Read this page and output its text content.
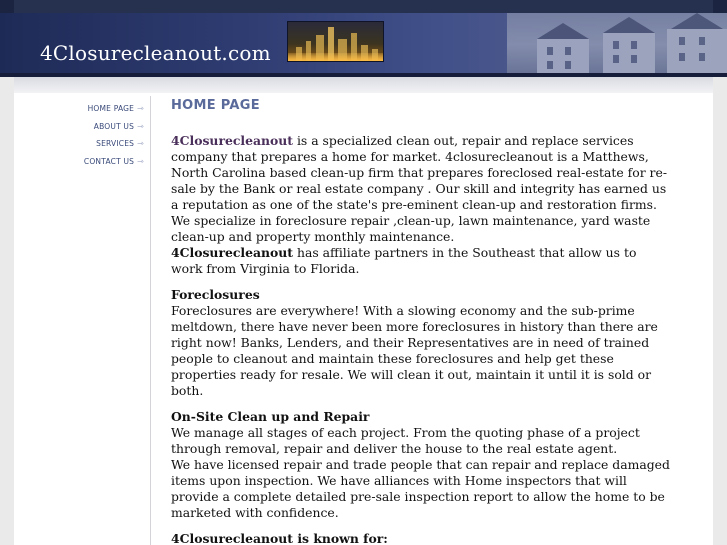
4Closurecleanout.com
HOME PAGE ⇾
ABOUT US ⇾
SERVICES ⇾
CONTACT US ⇾
HOME PAGE

4Closurecleanout is a specialized clean out, repair and replace services company that prepares a home for market. 4closurecleanout is a Matthews, North Carolina based clean-up firm that prepares foreclosed real-estate for re-sale by the Bank or real estate company . Our skill and integrity has earned us a reputation as one of the state's pre-eminent clean-up and restoration firms. We specialize in foreclosure repair ,clean-up, lawn maintenance, yard waste clean-up and property monthly maintenance.
4Closurecleanout has affiliate partners in the Southeast that allow us to work from Virginia to Florida.

Foreclosures
Foreclosures are everywhere! With a slowing economy and the sub-prime meltdown, there have never been more foreclosures in history than there are right now! Banks, Lenders, and their Representatives are in need of trained people to cleanout and maintain these foreclosures and help get these properties ready for resale. We will clean it out, maintain it until it is sold or both.

On-Site Clean up and Repair
We manage all stages of each project. From the quoting phase of a project through removal, repair and deliver the house to the real estate agent.
We have licensed repair and trade people that can repair and replace damaged items upon inspection. We have alliances with Home inspectors that will provide a complete detailed pre-sale inspection report to allow the home to be marketed with confidence.

4Closurecleanout is known for:
